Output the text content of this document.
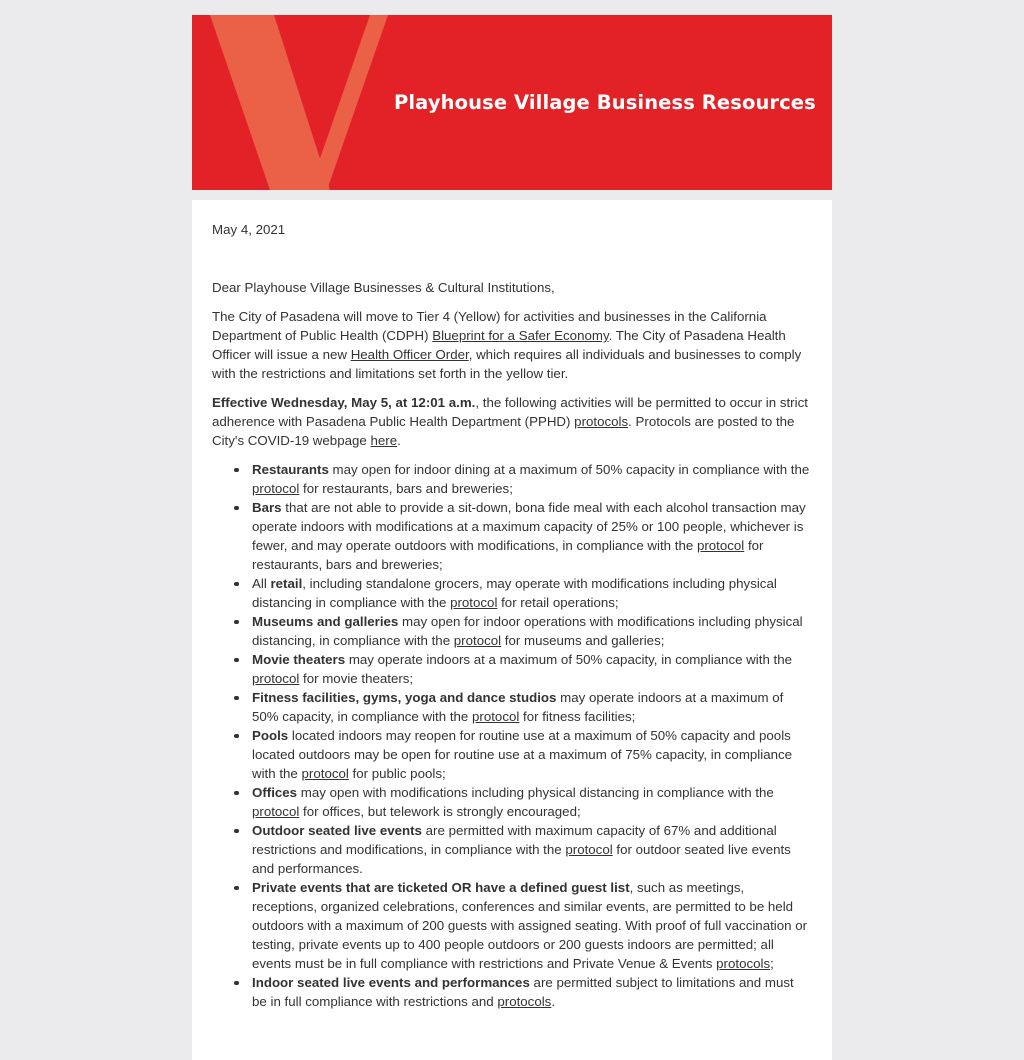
Playhouse Village Business Resources

May 4, 2021

Dear Playhouse Village Businesses & Cultural Institutions,

The City of Pasadena will move to Tier 4 (Yellow) for activities and businesses in the California Department of Public Health (CDPH) Blueprint for a Safer Economy. The City of Pasadena Health Officer will issue a new Health Officer Order, which requires all individuals and businesses to comply with the restrictions and limitations set forth in the yellow tier.

Effective Wednesday, May 5, at 12:01 a.m., the following activities will be permitted to occur in strict adherence with Pasadena Public Health Department (PPHD) protocols. Protocols are posted to the City's COVID-19 webpage here.

Restaurants may open for indoor dining at a maximum of 50% capacity in compliance with the protocol for restaurants, bars and breweries;
Bars that are not able to provide a sit-down, bona fide meal with each alcohol transaction may operate indoors with modifications at a maximum capacity of 25% or 100 people, whichever is fewer, and may operate outdoors with modifications, in compliance with the protocol for restaurants, bars and breweries;
All retail, including standalone grocers, may operate with modifications including physical distancing in compliance with the protocol for retail operations;
Museums and galleries may open for indoor operations with modifications including physical distancing, in compliance with the protocol for museums and galleries;
Movie theaters may operate indoors at a maximum of 50% capacity, in compliance with the protocol for movie theaters;
Fitness facilities, gyms, yoga and dance studios may operate indoors at a maximum of 50% capacity, in compliance with the protocol for fitness facilities;
Pools located indoors may reopen for routine use at a maximum of 50% capacity and pools located outdoors may be open for routine use at a maximum of 75% capacity, in compliance with the protocol for public pools;
Offices may open with modifications including physical distancing in compliance with the protocol for offices, but telework is strongly encouraged;
Outdoor seated live events are permitted with maximum capacity of 67% and additional restrictions and modifications, in compliance with the protocol for outdoor seated live events and performances.
Private events that are ticketed OR have a defined guest list, such as meetings, receptions, organized celebrations, conferences and similar events, are permitted to be held outdoors with a maximum of 200 guests with assigned seating. With proof of full vaccination or testing, private events up to 400 people outdoors or 200 guests indoors are permitted; all events must be in full compliance with restrictions and Private Venue & Events protocols;
Indoor seated live events and performances are permitted subject to limitations and must be in full compliance with restrictions and protocols.
